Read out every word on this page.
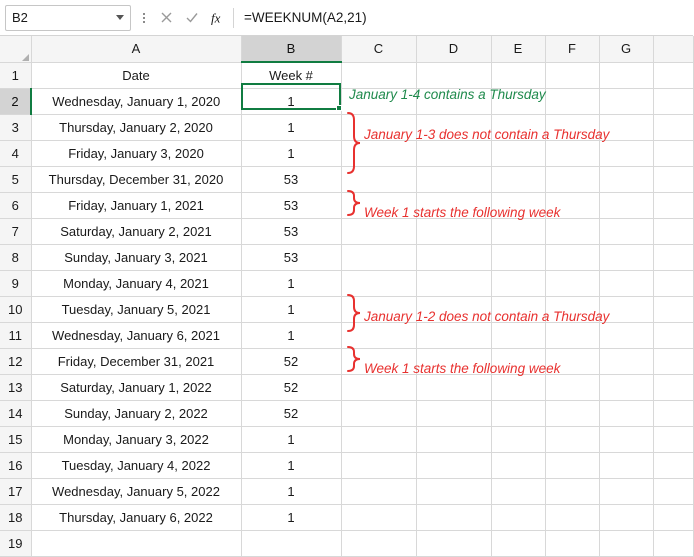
B2	fx	=WEEKNUM(A2,21)
	A	B	C	D	E	F	G	
1	Date	Week #						
2	Wednesday, January 1, 2020	1						
3	Thursday, January 2, 2020	1						
4	Friday, January 3, 2020	1						
5	Thursday, December 31, 2020	53						
6	Friday, January 1, 2021	53						
7	Saturday, January 2, 2021	53						
8	Sunday, January 3, 2021	53						
9	Monday, January 4, 2021	1						
10	Tuesday, January 5, 2021	1						
11	Wednesday, January 6, 2021	1						
12	Friday, December 31, 2021	52						
13	Saturday, January 1, 2022	52						
14	Sunday, January 2, 2022	52						
15	Monday, January 3, 2022	1						
16	Tuesday, January 4, 2022	1						
17	Wednesday, January 5, 2022	1						
18	Thursday, January 6, 2022	1						
19								
January 1-4 contains a Thursday
January 1-3 does not contain a Thursday
Week 1 starts the following week
January 1-2 does not contain a Thursday
Week 1 starts the following week
